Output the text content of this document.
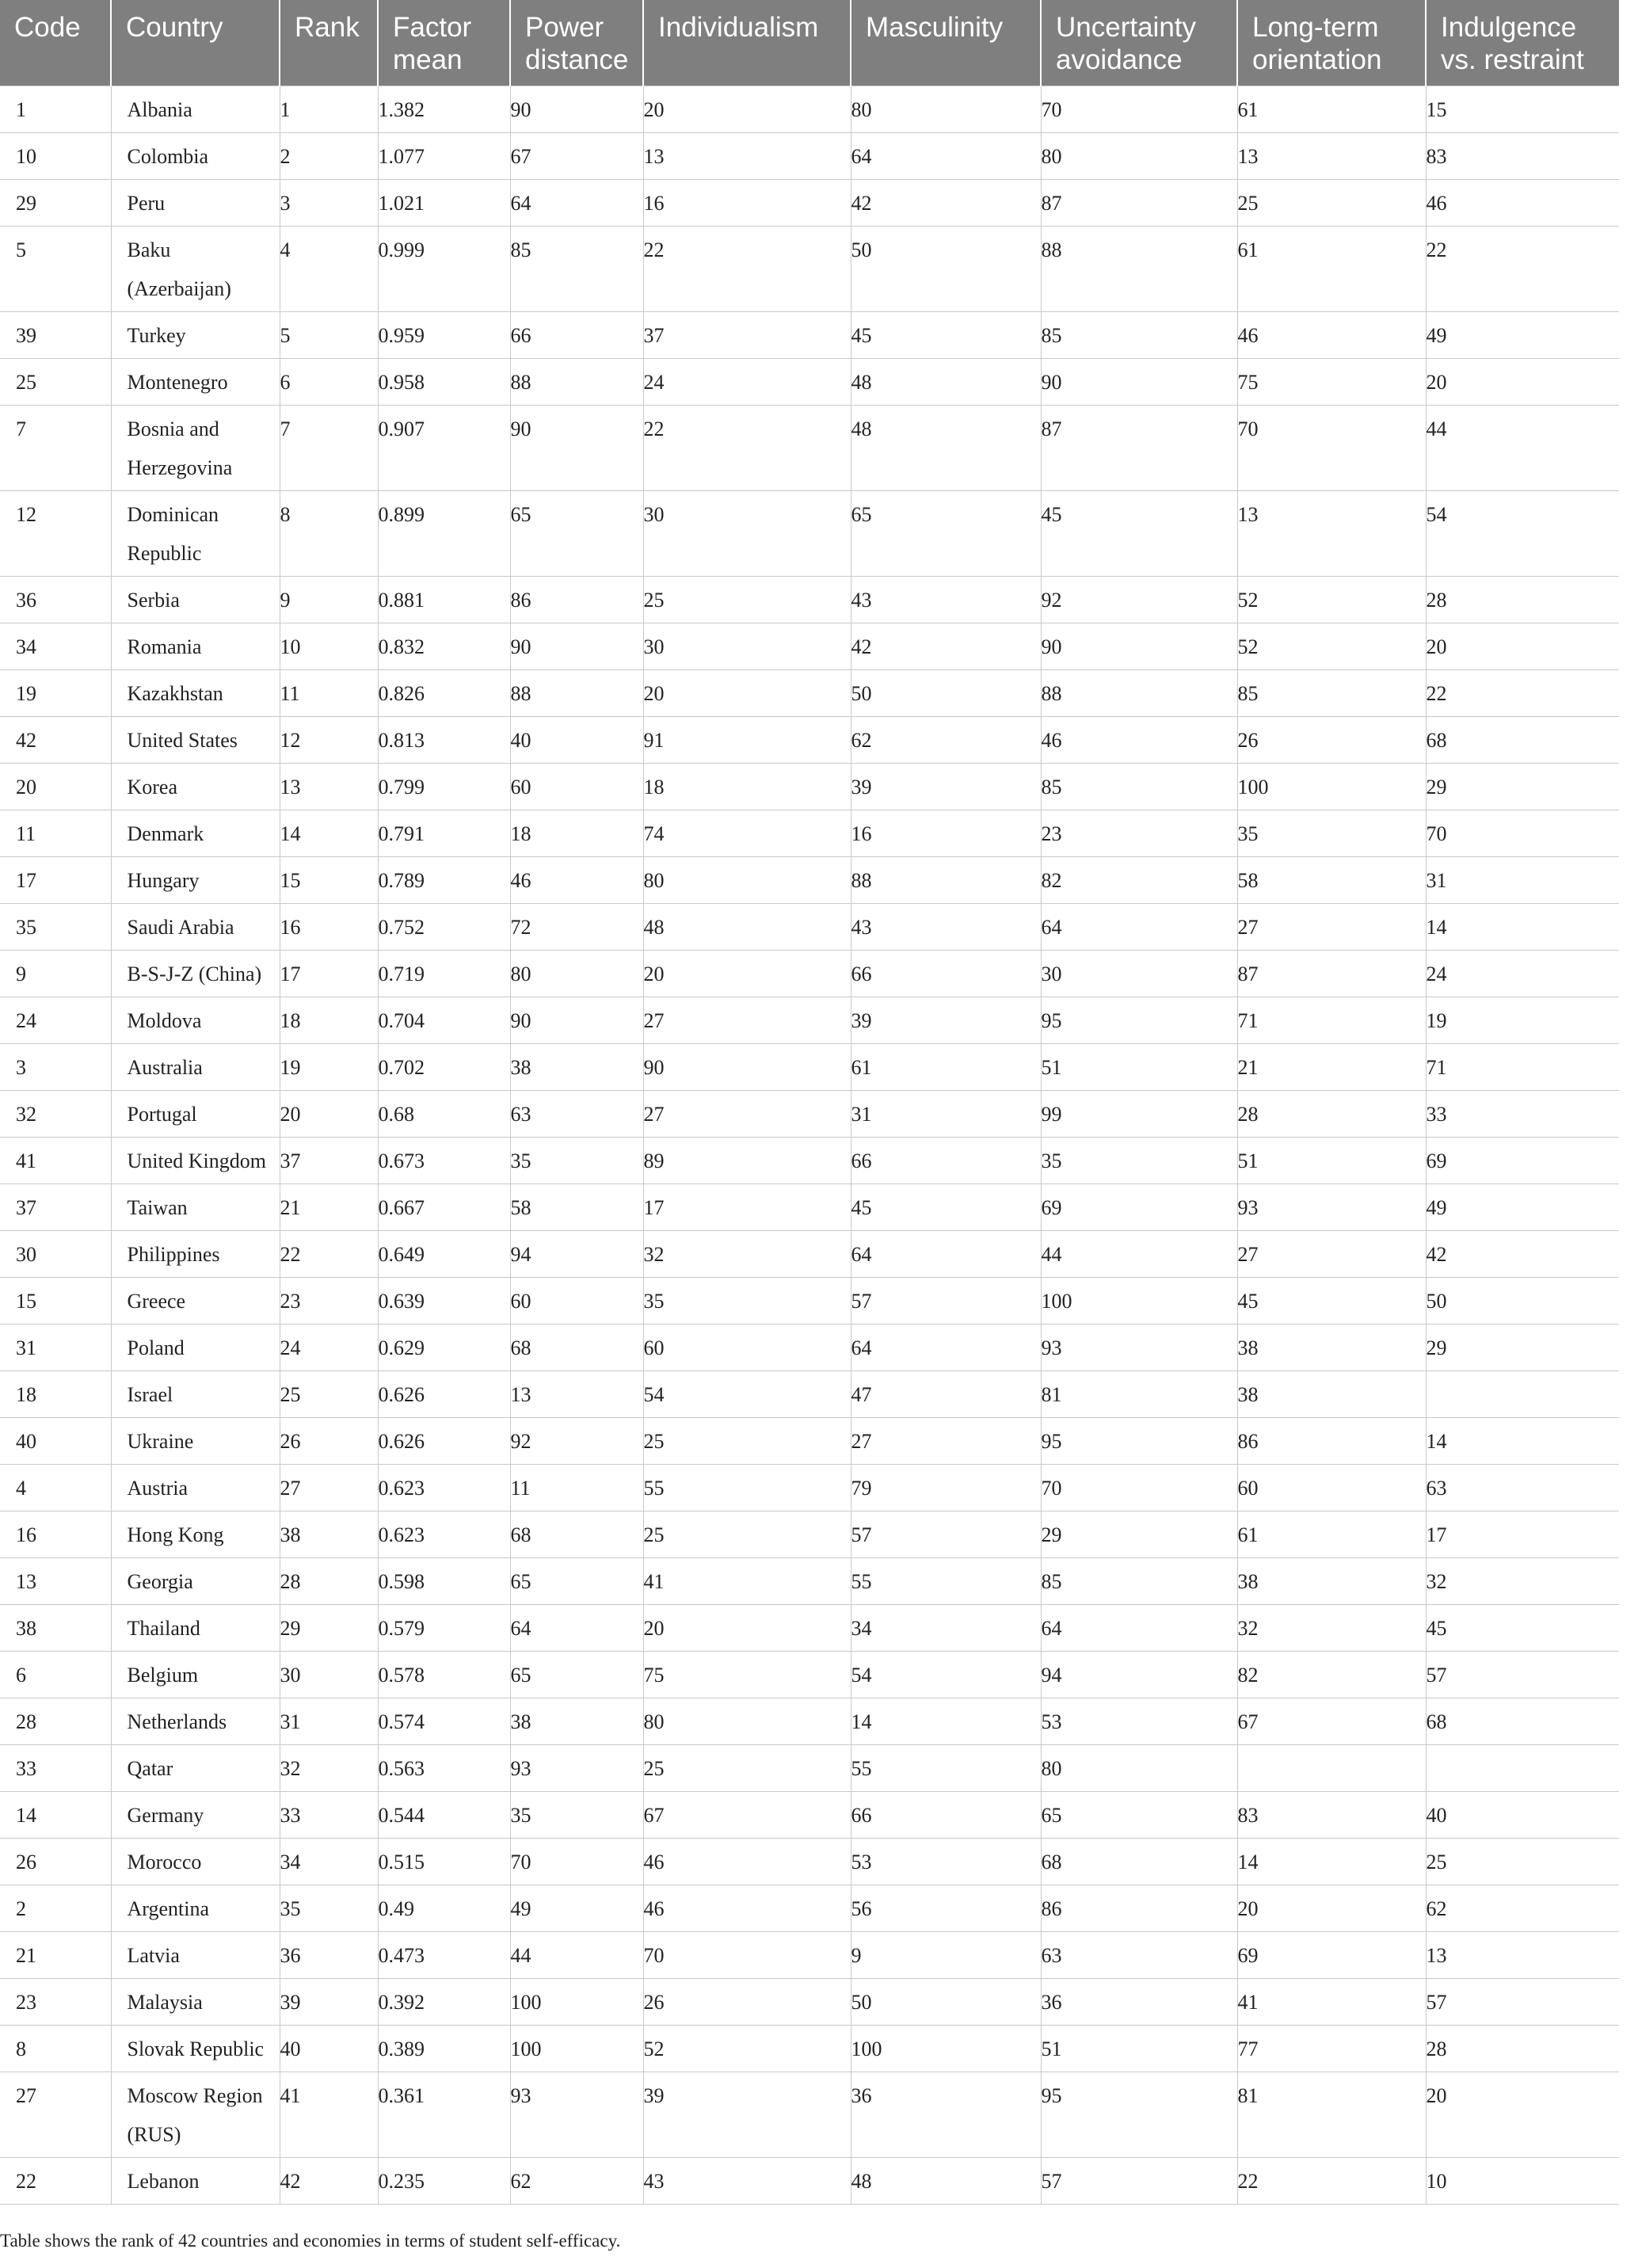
Code	Country	Rank	Factor mean	Power distance	Individualism	Masculinity	Uncertainty avoidance	Long-term orientation	Indulgence vs. restraint
1	Albania	1	1.382	90	20	80	70	61	15
10	Colombia	2	1.077	67	13	64	80	13	83
29	Peru	3	1.021	64	16	42	87	25	46
5	Baku (Azerbaijan)	4	0.999	85	22	50	88	61	22
39	Turkey	5	0.959	66	37	45	85	46	49
25	Montenegro	6	0.958	88	24	48	90	75	20
7	Bosnia and Herzegovina	7	0.907	90	22	48	87	70	44
12	Dominican Republic	8	0.899	65	30	65	45	13	54
36	Serbia	9	0.881	86	25	43	92	52	28
34	Romania	10	0.832	90	30	42	90	52	20
19	Kazakhstan	11	0.826	88	20	50	88	85	22
42	United States	12	0.813	40	91	62	46	26	68
20	Korea	13	0.799	60	18	39	85	100	29
11	Denmark	14	0.791	18	74	16	23	35	70
17	Hungary	15	0.789	46	80	88	82	58	31
35	Saudi Arabia	16	0.752	72	48	43	64	27	14
9	B-S-J-Z (China)	17	0.719	80	20	66	30	87	24
24	Moldova	18	0.704	90	27	39	95	71	19
3	Australia	19	0.702	38	90	61	51	21	71
32	Portugal	20	0.68	63	27	31	99	28	33
41	United Kingdom	37	0.673	35	89	66	35	51	69
37	Taiwan	21	0.667	58	17	45	69	93	49
30	Philippines	22	0.649	94	32	64	44	27	42
15	Greece	23	0.639	60	35	57	100	45	50
31	Poland	24	0.629	68	60	64	93	38	29
18	Israel	25	0.626	13	54	47	81	38	
40	Ukraine	26	0.626	92	25	27	95	86	14
4	Austria	27	0.623	11	55	79	70	60	63
16	Hong Kong	38	0.623	68	25	57	29	61	17
13	Georgia	28	0.598	65	41	55	85	38	32
38	Thailand	29	0.579	64	20	34	64	32	45
6	Belgium	30	0.578	65	75	54	94	82	57
28	Netherlands	31	0.574	38	80	14	53	67	68
33	Qatar	32	0.563	93	25	55	80		
14	Germany	33	0.544	35	67	66	65	83	40
26	Morocco	34	0.515	70	46	53	68	14	25
2	Argentina	35	0.49	49	46	56	86	20	62
21	Latvia	36	0.473	44	70	9	63	69	13
23	Malaysia	39	0.392	100	26	50	36	41	57
8	Slovak Republic	40	0.389	100	52	100	51	77	28
27	Moscow Region (RUS)	41	0.361	93	39	36	95	81	20
22	Lebanon	42	0.235	62	43	48	57	22	10
Table shows the rank of 42 countries and economies in terms of student self-efficacy.
